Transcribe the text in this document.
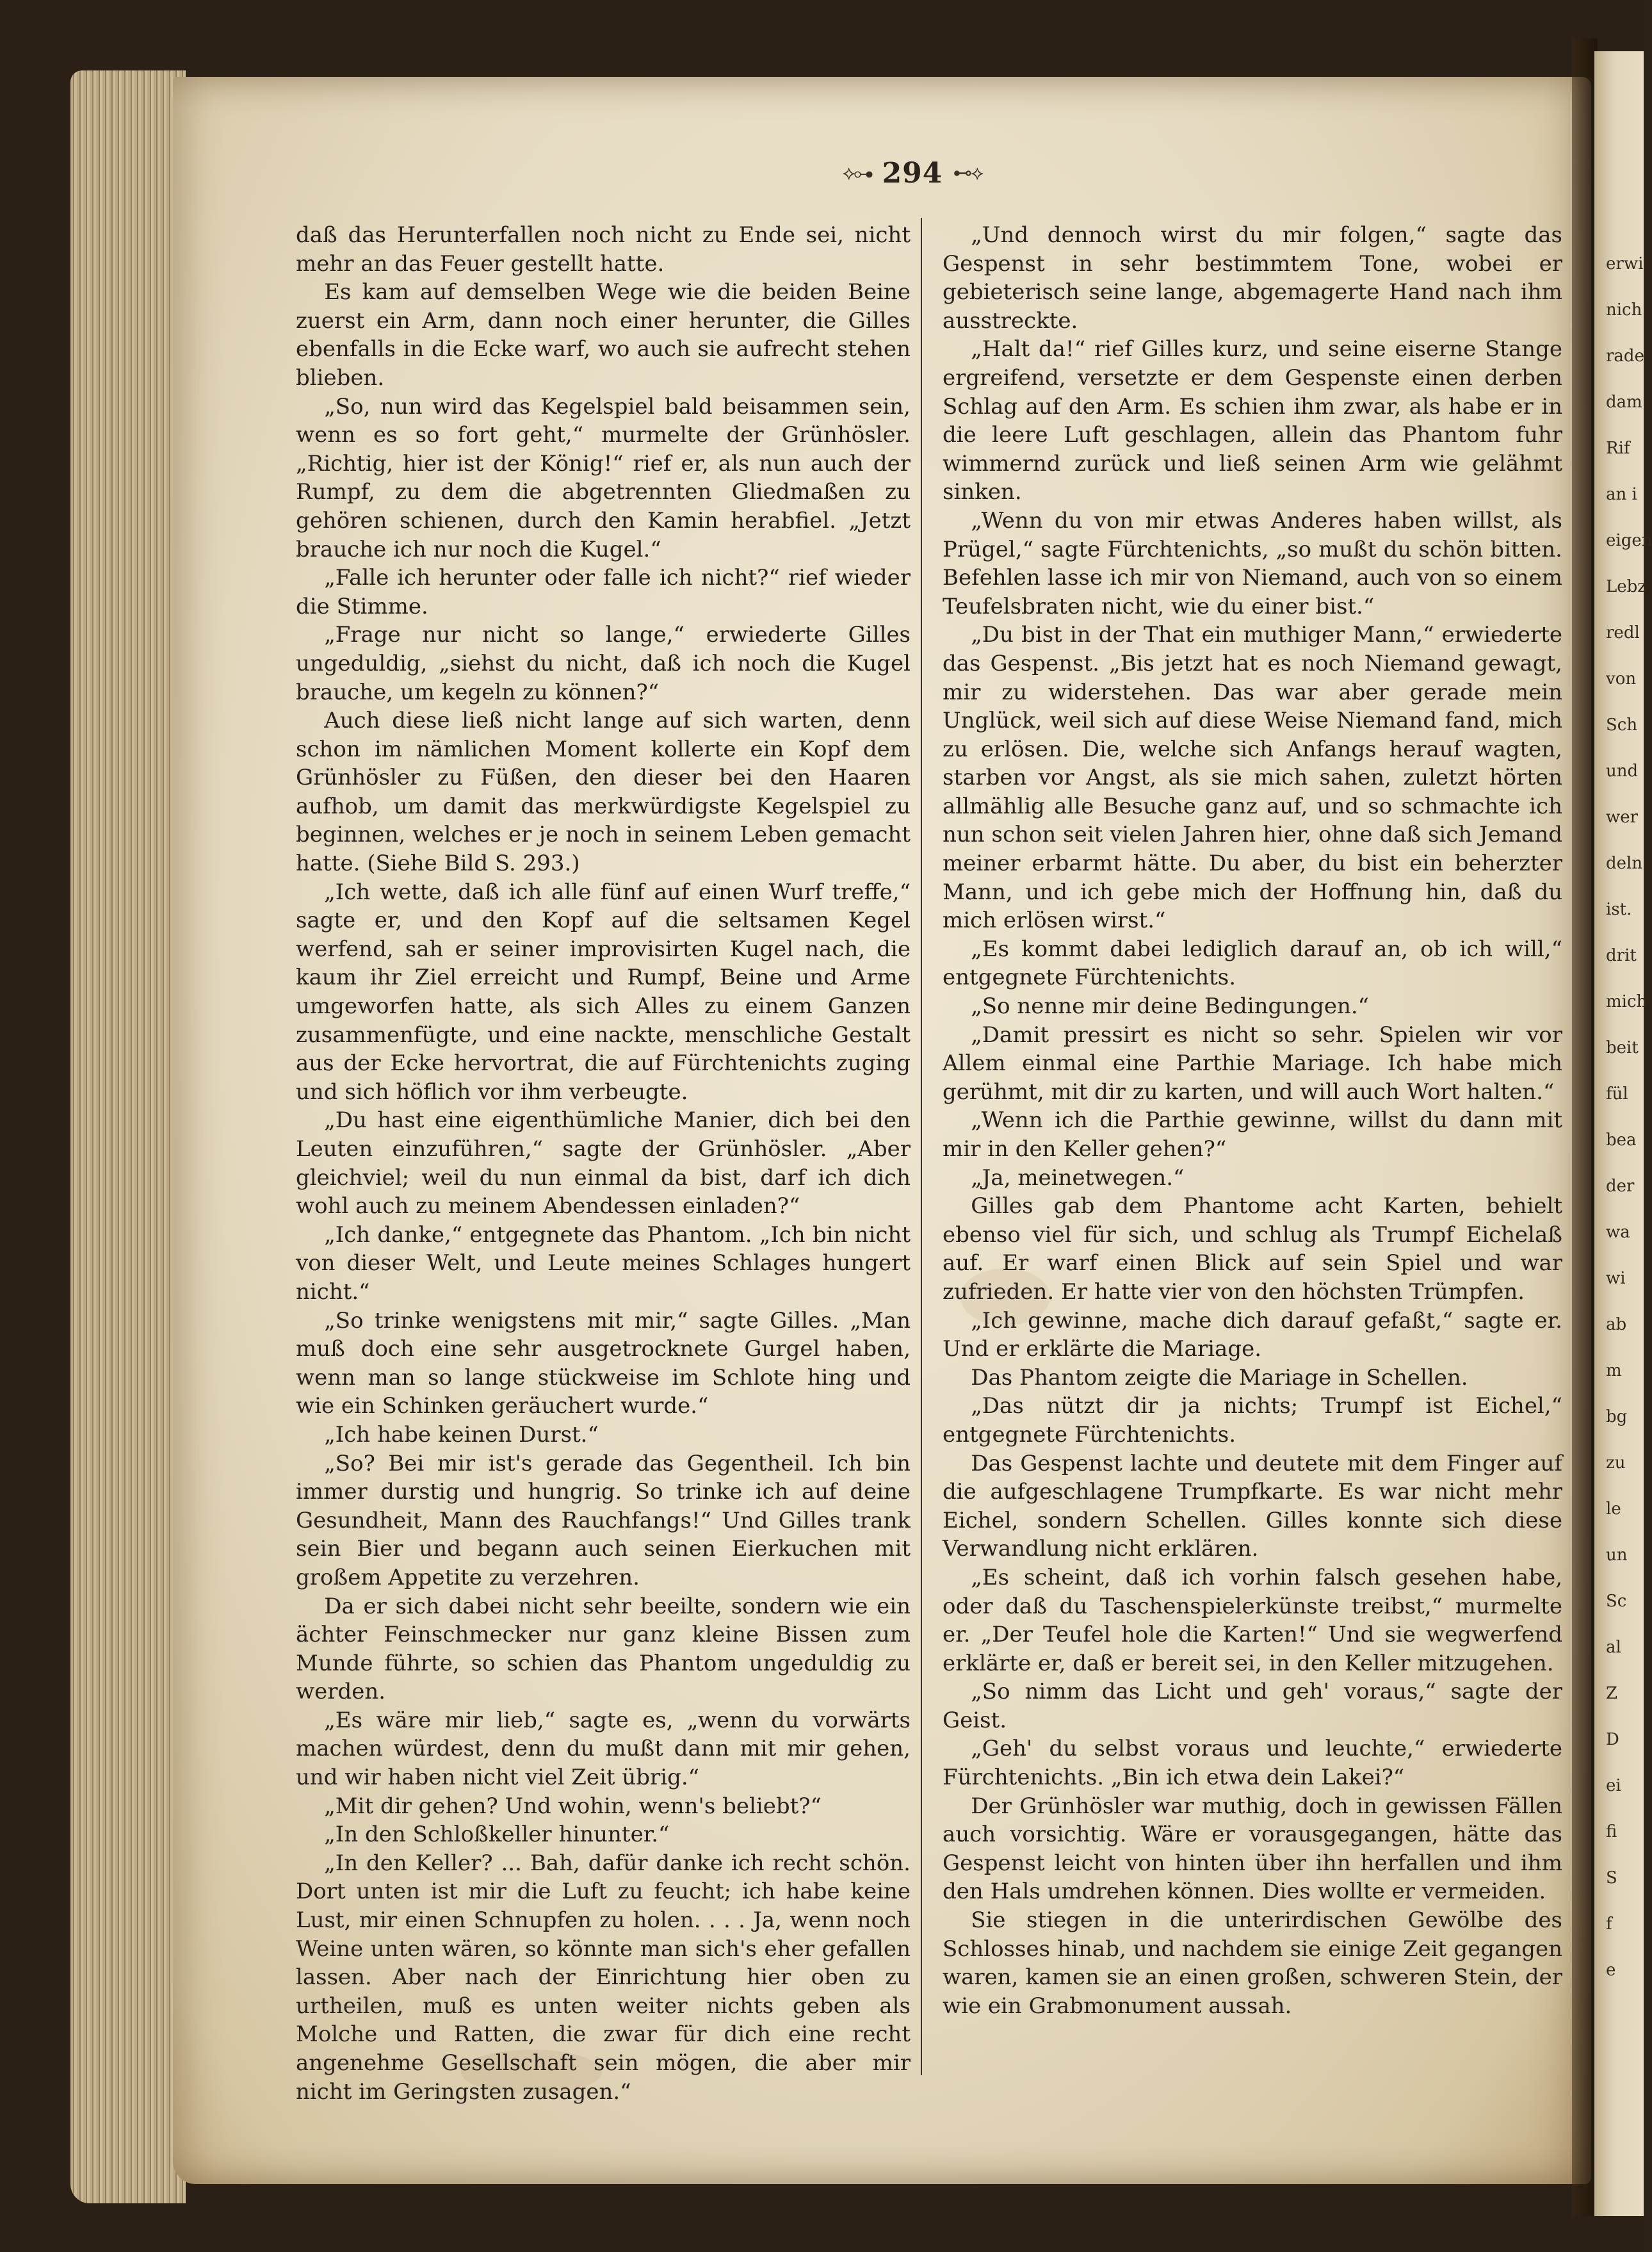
erwi

nich

rade

dam

Rif

an i

eigen

Lebz

redl

von

Sch

und

wer

deln

ist.

drit

mich

beit

fül

bea

der

wa

wi

ab

m

bg

zu

le

un

Sc

al

Z

D

ei

fi

S

f

e

⟡⊶ 294 ⊷⟡

daß das Herunterfallen noch nicht zu Ende sei, nicht mehr an das Feuer gestellt hatte.

Es kam auf demselben Wege wie die beiden Beine zuerst ein Arm, dann noch einer herunter, die Gilles ebenfalls in die Ecke warf, wo auch sie aufrecht stehen blieben.

„So, nun wird das Kegelspiel bald beisammen sein, wenn es so fort geht,“ murmelte der Grünhösler. „Richtig, hier ist der König!“ rief er, als nun auch der Rumpf, zu dem die abgetrennten Gliedmaßen zu gehören schienen, durch den Kamin herabfiel. „Jetzt brauche ich nur noch die Kugel.“

„Falle ich herunter oder falle ich nicht?“ rief wieder die Stimme.

„Frage nur nicht so lange,“ erwiederte Gilles ungeduldig, „siehst du nicht, daß ich noch die Kugel brauche, um kegeln zu können?“

Auch diese ließ nicht lange auf sich warten, denn schon im nämlichen Moment kollerte ein Kopf dem Grünhösler zu Füßen, den dieser bei den Haaren aufhob, um damit das merkwürdigste Kegelspiel zu beginnen, welches er je noch in seinem Leben gemacht hatte. (Siehe Bild S. 293.)

„Ich wette, daß ich alle fünf auf einen Wurf treffe,“ sagte er, und den Kopf auf die seltsamen Kegel werfend, sah er seiner improvisirten Kugel nach, die kaum ihr Ziel erreicht und Rumpf, Beine und Arme umgeworfen hatte, als sich Alles zu einem Ganzen zusammenfügte, und eine nackte, menschliche Gestalt aus der Ecke hervortrat, die auf Fürchtenichts zuging und sich höflich vor ihm verbeugte.

„Du hast eine eigenthümliche Manier, dich bei den Leuten einzuführen,“ sagte der Grünhösler. „Aber gleichviel; weil du nun einmal da bist, darf ich dich wohl auch zu meinem Abendessen einladen?“

„Ich danke,“ entgegnete das Phantom. „Ich bin nicht von dieser Welt, und Leute meines Schlages hungert nicht.“

„So trinke wenigstens mit mir,“ sagte Gilles. „Man muß doch eine sehr ausgetrocknete Gurgel haben, wenn man so lange stückweise im Schlote hing und wie ein Schinken geräuchert wurde.“

„Ich habe keinen Durst.“

„So? Bei mir ist's gerade das Gegentheil. Ich bin immer durstig und hungrig. So trinke ich auf deine Gesundheit, Mann des Rauchfangs!“ Und Gilles trank sein Bier und begann auch seinen Eierkuchen mit großem Appetite zu verzehren.

Da er sich dabei nicht sehr beeilte, sondern wie ein ächter Feinschmecker nur ganz kleine Bissen zum Munde führte, so schien das Phantom ungeduldig zu werden.

„Es wäre mir lieb,“ sagte es, „wenn du vorwärts machen würdest, denn du mußt dann mit mir gehen, und wir haben nicht viel Zeit übrig.“

„Mit dir gehen? Und wohin, wenn's beliebt?“

„In den Schloßkeller hinunter.“

„In den Keller? ... Bah, dafür danke ich recht schön. Dort unten ist mir die Luft zu feucht; ich habe keine Lust, mir einen Schnupfen zu holen. . . . Ja, wenn noch Weine unten wären, so könnte man sich's eher gefallen lassen. Aber nach der Einrichtung hier oben zu urtheilen, muß es unten weiter nichts geben als Molche und Ratten, die zwar für dich eine recht angenehme Gesellschaft sein mögen, die aber mir nicht im Geringsten zusagen.“

„Und dennoch wirst du mir folgen,“ sagte das Gespenst in sehr bestimmtem Tone, wobei er gebieterisch seine lange, abgemagerte Hand nach ihm ausstreckte.

„Halt da!“ rief Gilles kurz, und seine eiserne Stange ergreifend, versetzte er dem Gespenste einen derben Schlag auf den Arm. Es schien ihm zwar, als habe er in die leere Luft geschlagen, allein das Phantom fuhr wimmernd zurück und ließ seinen Arm wie gelähmt sinken.

„Wenn du von mir etwas Anderes haben willst, als Prügel,“ sagte Fürchtenichts, „so mußt du schön bitten. Befehlen lasse ich mir von Niemand, auch von so einem Teufelsbraten nicht, wie du einer bist.“

„Du bist in der That ein muthiger Mann,“ erwiederte das Gespenst. „Bis jetzt hat es noch Niemand gewagt, mir zu widerstehen. Das war aber gerade mein Unglück, weil sich auf diese Weise Niemand fand, mich zu erlösen. Die, welche sich Anfangs herauf wagten, starben vor Angst, als sie mich sahen, zuletzt hörten allmählig alle Besuche ganz auf, und so schmachte ich nun schon seit vielen Jahren hier, ohne daß sich Jemand meiner erbarmt hätte. Du aber, du bist ein beherzter Mann, und ich gebe mich der Hoffnung hin, daß du mich erlösen wirst.“

„Es kommt dabei lediglich darauf an, ob ich will,“ entgegnete Fürchtenichts.

„So nenne mir deine Bedingungen.“

„Damit pressirt es nicht so sehr. Spielen wir vor Allem einmal eine Parthie Mariage. Ich habe mich gerühmt, mit dir zu karten, und will auch Wort halten.“

„Wenn ich die Parthie gewinne, willst du dann mit mir in den Keller gehen?“

„Ja, meinetwegen.“

Gilles gab dem Phantome acht Karten, behielt ebenso viel für sich, und schlug als Trumpf Eichelaß auf. Er warf einen Blick auf sein Spiel und war zufrieden. Er hatte vier von den höchsten Trümpfen.

„Ich gewinne, mache dich darauf gefaßt,“ sagte er. Und er erklärte die Mariage.

Das Phantom zeigte die Mariage in Schellen.

„Das nützt dir ja nichts; Trumpf ist Eichel,“ entgegnete Fürchtenichts.

Das Gespenst lachte und deutete mit dem Finger auf die aufgeschlagene Trumpfkarte. Es war nicht mehr Eichel, sondern Schellen. Gilles konnte sich diese Verwandlung nicht erklären.

„Es scheint, daß ich vorhin falsch gesehen habe, oder daß du Taschenspielerkünste treibst,“ murmelte er. „Der Teufel hole die Karten!“ Und sie wegwerfend erklärte er, daß er bereit sei, in den Keller mitzugehen.

„So nimm das Licht und geh' voraus,“ sagte der Geist.

„Geh' du selbst voraus und leuchte,“ erwiederte Fürchtenichts. „Bin ich etwa dein Lakei?“

Der Grünhösler war muthig, doch in gewissen Fällen auch vorsichtig. Wäre er vorausgegangen, hätte das Gespenst leicht von hinten über ihn herfallen und ihm den Hals umdrehen können. Dies wollte er vermeiden.

Sie stiegen in die unterirdischen Gewölbe des Schlosses hinab, und nachdem sie einige Zeit gegangen waren, kamen sie an einen großen, schweren Stein, der wie ein Grabmonument aussah.
